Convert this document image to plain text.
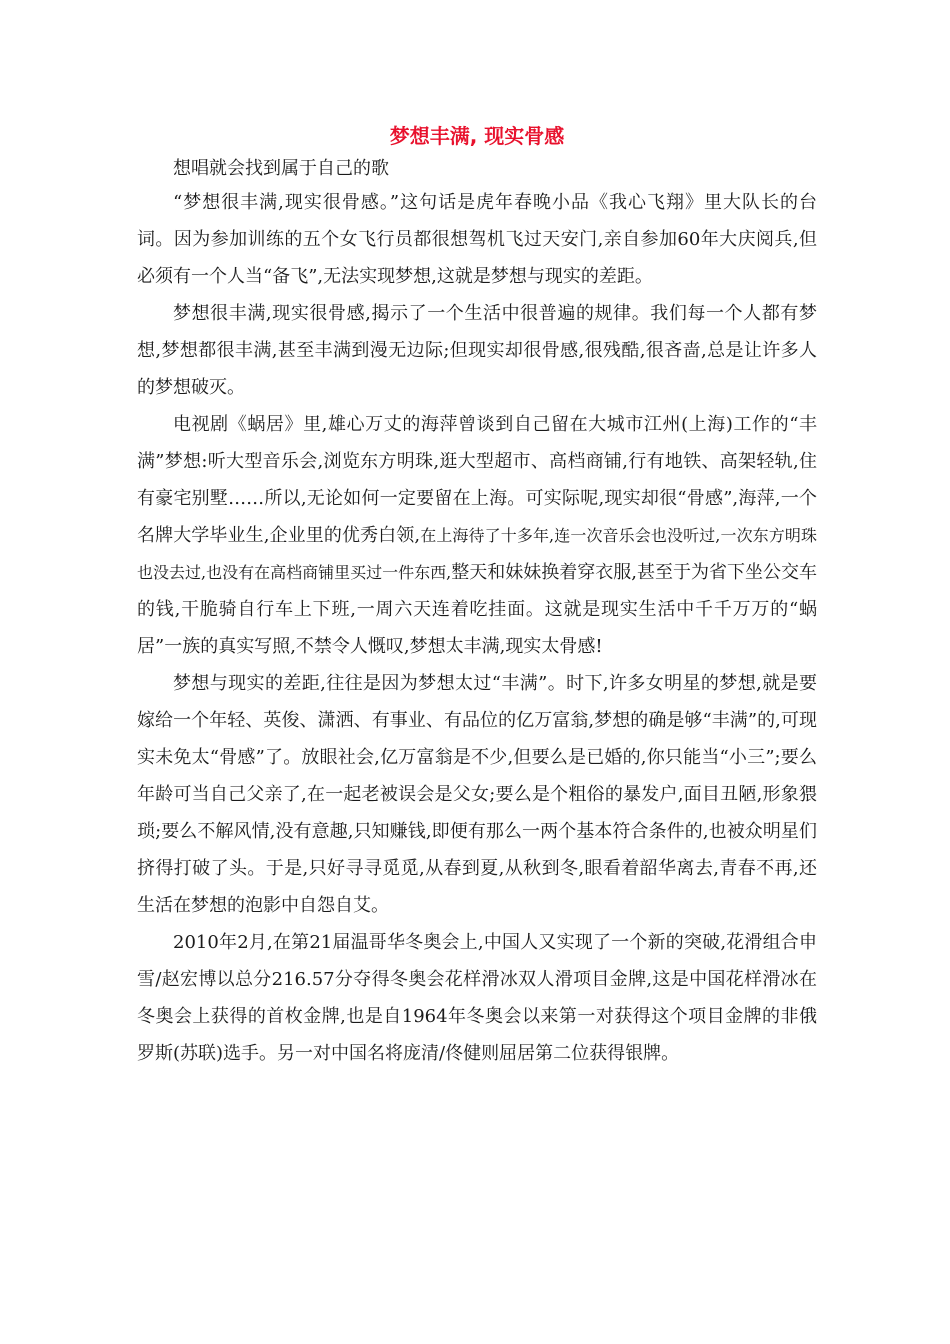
梦想丰满, 现实骨感

想唱就会找到属于自己的歌

“梦想很丰满,现实很骨感。”这句话是虎年春晚小品《我心飞翔》里大队长的台词。因为参加训练的五个女飞行员都很想驾机飞过天安门,亲自参加60年大庆阅兵,但必须有一个人当“备飞”,无法实现梦想,这就是梦想与现实的差距。

梦想很丰满,现实很骨感,揭示了一个生活中很普遍的规律。我们每一个人都有梦想,梦想都很丰满,甚至丰满到漫无边际;但现实却很骨感,很残酷,很吝啬,总是让许多人的梦想破灭。

电视剧《蜗居》里,雄心万丈的海萍曾谈到自己留在大城市江州(上海)工作的“丰满”梦想:听大型音乐会,浏览东方明珠,逛大型超市、高档商铺,行有地铁、高架轻轨,住有豪宅别墅……所以,无论如何一定要留在上海。可实际呢,现实却很“骨感”,海萍,一个名牌大学毕业生,企业里的优秀白领,在上海待了十多年,连一次音乐会也没听过,一次东方明珠也没去过,也没有在高档商铺里买过一件东西,整天和妹妹换着穿衣服,甚至于为省下坐公交车的钱,干脆骑自行车上下班,一周六天连着吃挂面。这就是现实生活中千千万万的“蜗居”一族的真实写照,不禁令人慨叹,梦想太丰满,现实太骨感!

梦想与现实的差距,往往是因为梦想太过“丰满”。时下,许多女明星的梦想,就是要嫁给一个年轻、英俊、潇洒、有事业、有品位的亿万富翁,梦想的确是够“丰满”的,可现实未免太“骨感”了。放眼社会,亿万富翁是不少,但要么是已婚的,你只能当“小三”;要么年龄可当自己父亲了,在一起老被误会是父女;要么是个粗俗的暴发户,面目丑陋,形象猥琐;要么不解风情,没有意趣,只知赚钱,即便有那么一两个基本符合条件的,也被众明星们挤得打破了头。于是,只好寻寻觅觅,从春到夏,从秋到冬,眼看着韶华离去,青春不再,还生活在梦想的泡影中自怨自艾。

2010年2月,在第21届温哥华冬奥会上,中国人又实现了一个新的突破,花滑组合申雪/赵宏博以总分216.57分夺得冬奥会花样滑冰双人滑项目金牌,这是中国花样滑冰在冬奥会上获得的首枚金牌,也是自1964年冬奥会以来第一对获得这个项目金牌的非俄罗斯(苏联)选手。另一对中国名将庞清/佟健则屈居第二位获得银牌。
